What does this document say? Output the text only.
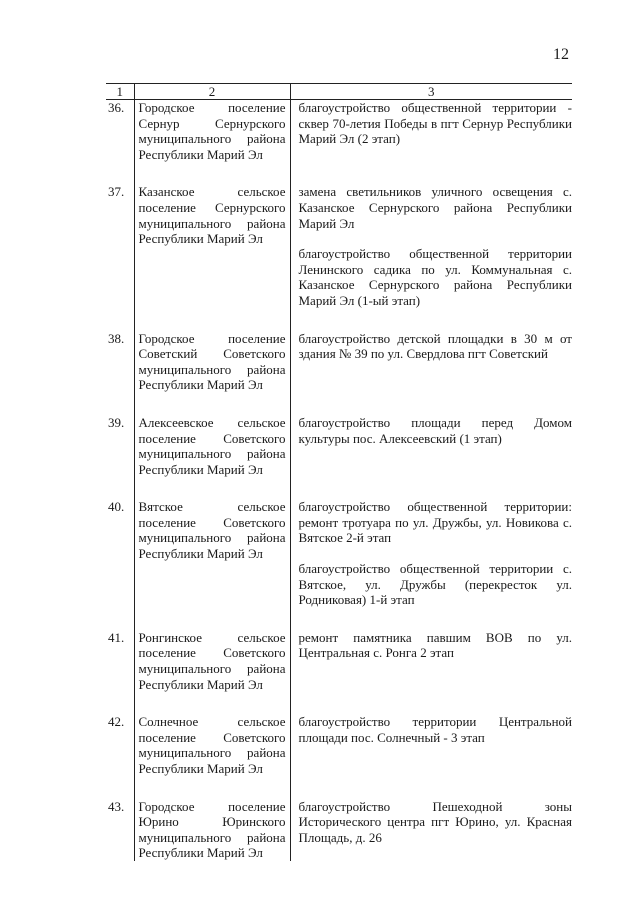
12
1	2	3
36.	Городское поселение Сернур Сернурского муниципального района Республики Марий Эл	благоустройство общественной территории - сквер 70-летия Победы в пгт Сернур Республики Марий Эл (2 этап)

37.	Казанское сельское поселение Сернурского муниципального района Республики Марий Эл	замена светильников уличного освещения с. Казанское Сернурского района Республики Марий Эл
благоустройство общественной территории Ленинского садика по ул. Коммунальная с. Казанское Сернурского района Республики Марий Эл (1-ый этап)

38.	Городское поселение Советский Советского муниципального района Республики Марий Эл	благоустройство детской площадки в 30 м от здания № 39 по ул. Свердлова пгт Советский

39.	Алексеевское сельское поселение Советского муниципального района Республики Марий Эл	благоустройство площади перед Домом культуры пос. Алексеевский (1 этап)

40.	Вятское сельское поселение Советского муниципального района Республики Марий Эл	благоустройство общественной территории: ремонт тротуара по ул. Дружбы, ул. Новикова с. Вятское 2-й этап
благоустройство общественной территории с. Вятское, ул. Дружбы (перекресток ул. Родниковая) 1-й этап

41.	Ронгинское сельское поселение Советского муниципального района Республики Марий Эл	ремонт памятника павшим ВОВ по ул. Центральная с. Ронга 2 этап

42.	Солнечное сельское поселение Советского муниципального района Республики Марий Эл	благоустройство территории Центральной площади пос. Солнечный - 3 этап

43.	Городское поселение Юрино Юринского муниципального района Республики Марий Эл	благоустройство Пешеходной зоны Исторического центра пгт Юрино, ул. Красная Площадь, д. 26
